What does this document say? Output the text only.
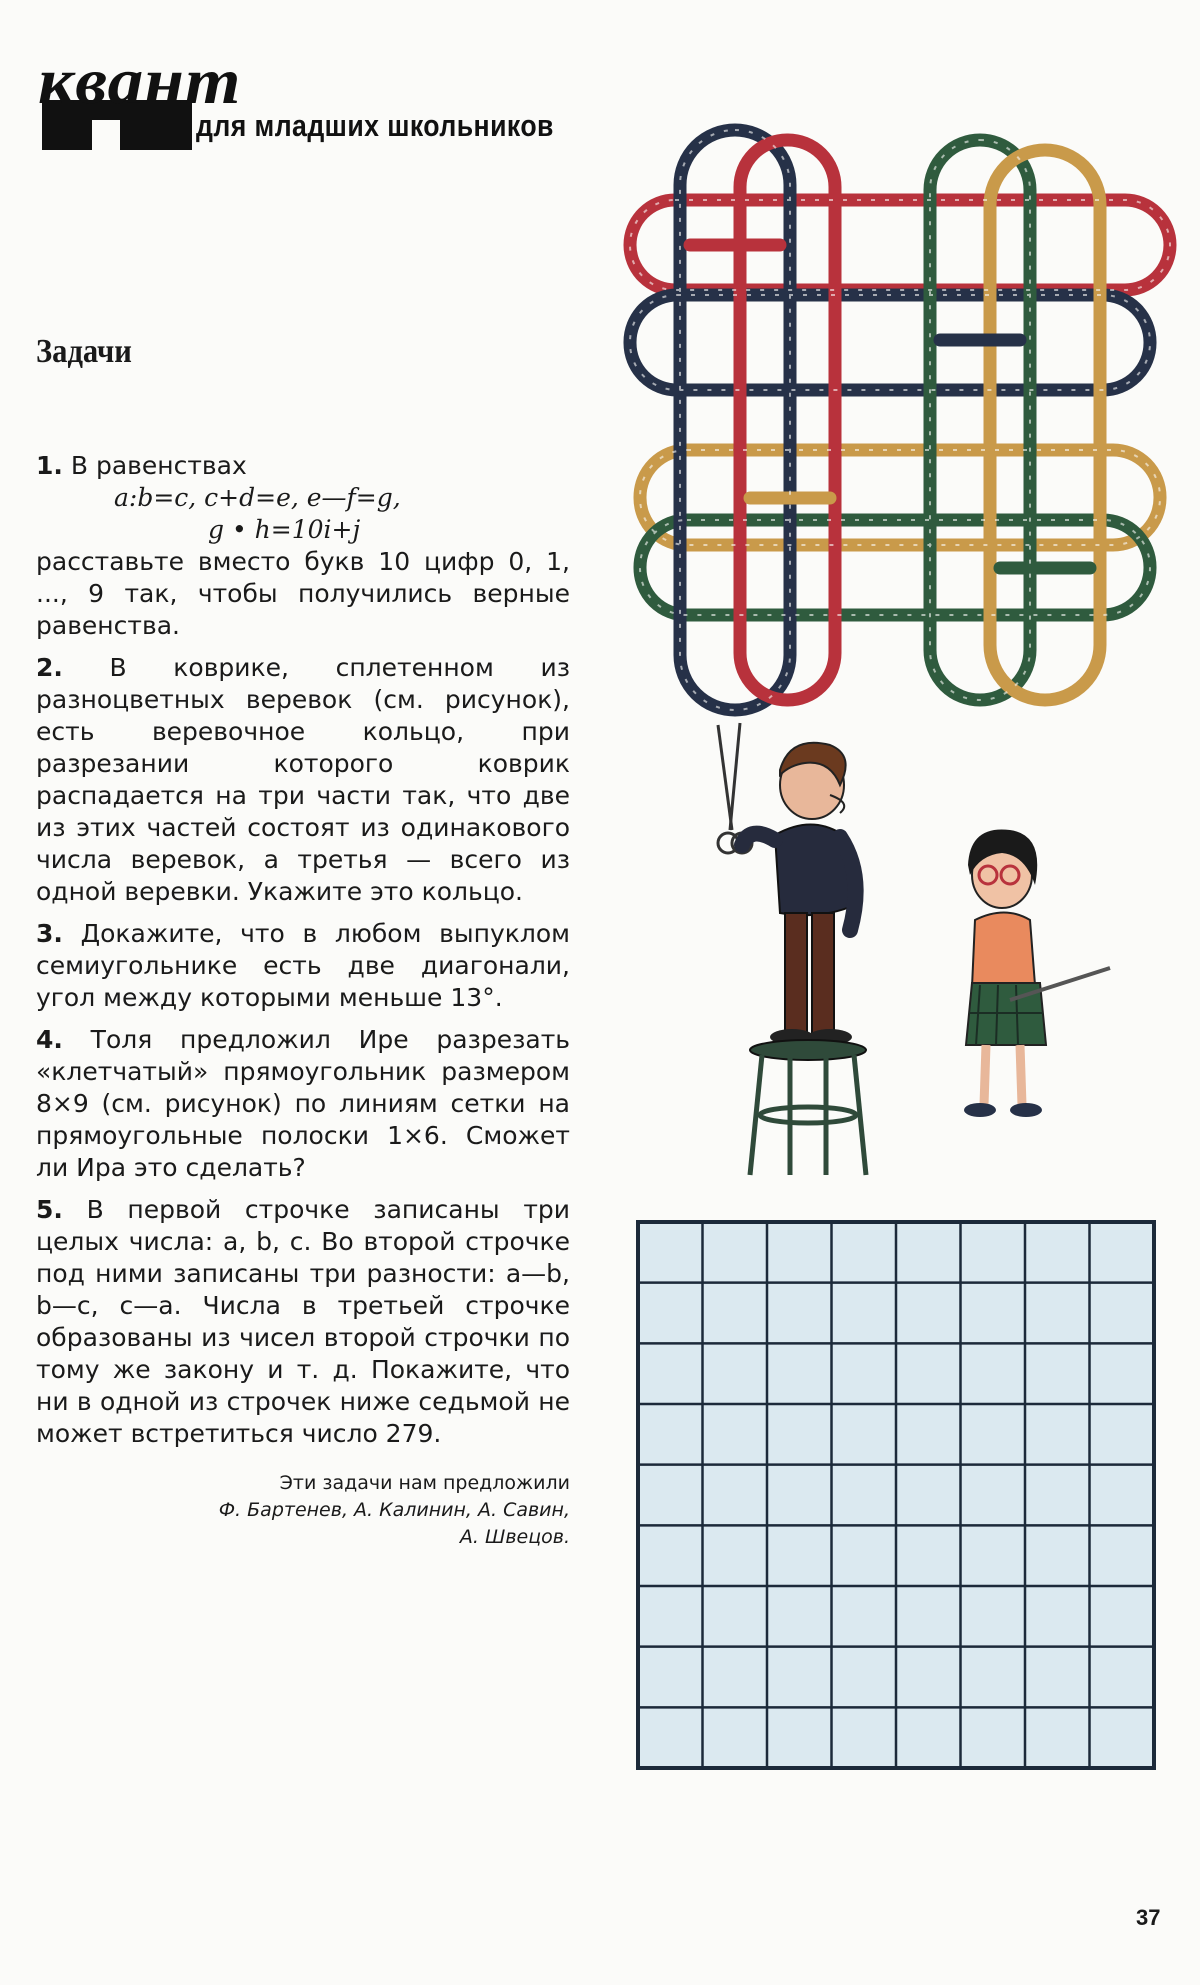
квант
для младших школьников
Задачи
1. В равенствах
a:b=c, c+d=e, e—f=g,
g • h=10i+j
расставьте вместо букв 10 цифр 0, 1, ..., 9 так, чтобы получились верные равенства.
2. В коврике, сплетенном из разноцветных веревок (см. рисунок), есть веревочное кольцо, при разрезании которого коврик распадается на три части так, что две из этих частей состоят из одинакового числа веревок, а третья — всего из одной веревки. Укажите это кольцо.
3. Докажите, что в любом выпуклом семиугольнике есть две диагонали, угол между которыми меньше 13°.
4. Толя предложил Ире разрезать «клетчатый» прямоугольник размером 8×9 (см. рисунок) по линиям сетки на прямоугольные полоски 1×6. Сможет ли Ира это сделать?
5. В первой строчке записаны три целых числа: a, b, c. Во второй строчке под ними записаны три разности: a—b, b—c, c—a. Числа в третьей строчке образованы из чисел второй строчки по тому же закону и т. д. Покажите, что ни в одной из строчек ниже седьмой не может встретиться число 279.
Эти задачи нам предложили
Ф. Бартенев, А. Калинин, А. Савин,
А. Швецов.
37
